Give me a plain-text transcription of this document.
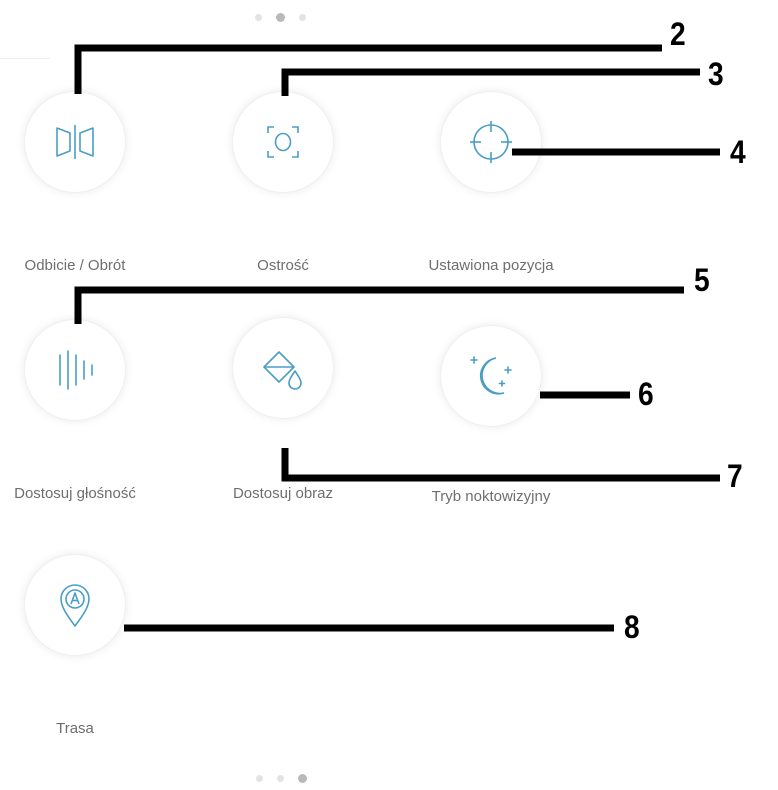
Odbicie / Obrót	Ostrość	Ustawiona pozycja
Dostosuj głośność	Dostosuj obraz	Tryb noktowizyjny
Trasa
2
3
4
5
6
7
8
